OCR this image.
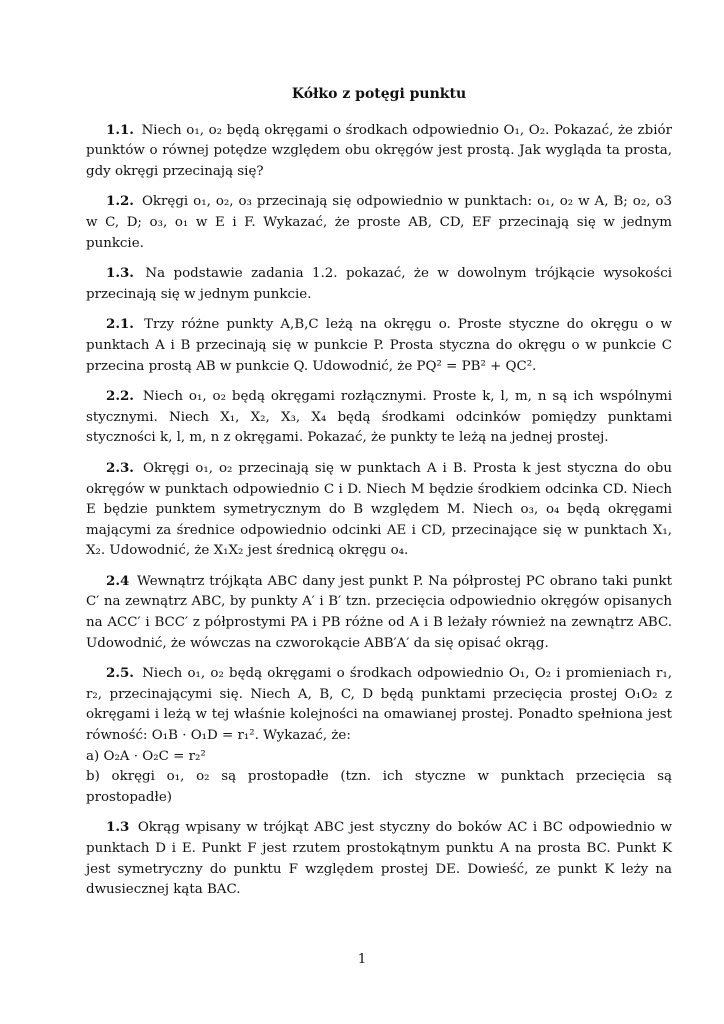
Kółko z potęgi punktu
1.1. Niech o₁, o₂ będą okręgami o środkach odpowiednio O₁, O₂. Pokazać, że zbiór punktów o równej potędze względem obu okręgów jest prostą. Jak wygląda ta prosta, gdy okręgi przecinają się?
1.2. Okręgi o₁, o₂, o₃ przecinają się odpowiednio w punktach: o₁, o₂ w A, B; o₂, o3 w C, D; o₃, o₁ w E i F. Wykazać, że proste AB, CD, EF przecinają się w jednym punkcie.
1.3. Na podstawie zadania 1.2. pokazać, że w dowolnym trójkącie wysokości przecinają się w jednym punkcie.
2.1. Trzy różne punkty A,B,C leżą na okręgu o. Proste styczne do okręgu o w punktach A i B przecinają się w punkcie P. Prosta styczna do okręgu o w punkcie C przecina prostą AB w punkcie Q. Udowodnić, że PQ² = PB² + QC².
2.2. Niech o₁, o₂ będą okręgami rozłącznymi. Proste k, l, m, n są ich wspólnymi stycznymi. Niech X₁, X₂, X₃, X₄ będą środkami odcinków pomiędzy punktami styczności k, l, m, n z okręgami. Pokazać, że punkty te leżą na jednej prostej.
2.3. Okręgi o₁, o₂ przecinają się w punktach A i B. Prosta k jest styczna do obu okręgów w punktach odpowiednio C i D. Niech M będzie środkiem odcinka CD. Niech E będzie punktem symetrycznym do B względem M. Niech o₃, o₄ będą okręgami mającymi za średnice odpowiednio odcinki AE i CD, przecinające się w punktach X₁, X₂. Udowodnić, że X₁X₂ jest średnicą okręgu o₄.
2.4 Wewnątrz trójkąta ABC dany jest punkt P. Na półprostej PC obrano taki punkt C′ na zewnątrz ABC, by punkty A′ i B′ tzn. przecięcia odpowiednio okręgów opisanych na ACC′ i BCC′ z półprostymi PA i PB różne od A i B leżały również na zewnątrz ABC. Udowodnić, że wówczas na czworokącie ABB′A′ da się opisać okrąg.
2.5. Niech o₁, o₂ będą okręgami o środkach odpowiednio O₁, O₂ i promieniach r₁, r₂, przecinającymi się. Niech A, B, C, D będą punktami przecięcia prostej O₁O₂ z okręgami i leżą w tej właśnie kolejności na omawianej prostej. Ponadto spełniona jest równość: O₁B · O₁D = r₁². Wykazać, że:
a) O₂A · O₂C = r₂²
b) okręgi o₁, o₂ są prostopadłe (tzn. ich styczne w punktach przecięcia są prostopadłe)
1.3 Okrąg wpisany w trójkąt ABC jest styczny do boków AC i BC odpowiednio w punktach D i E. Punkt F jest rzutem prostokątnym punktu A na prosta BC. Punkt K jest symetryczny do punktu F względem prostej DE. Dowieść, ze punkt K leży na dwusiecznej kąta BAC.
1
